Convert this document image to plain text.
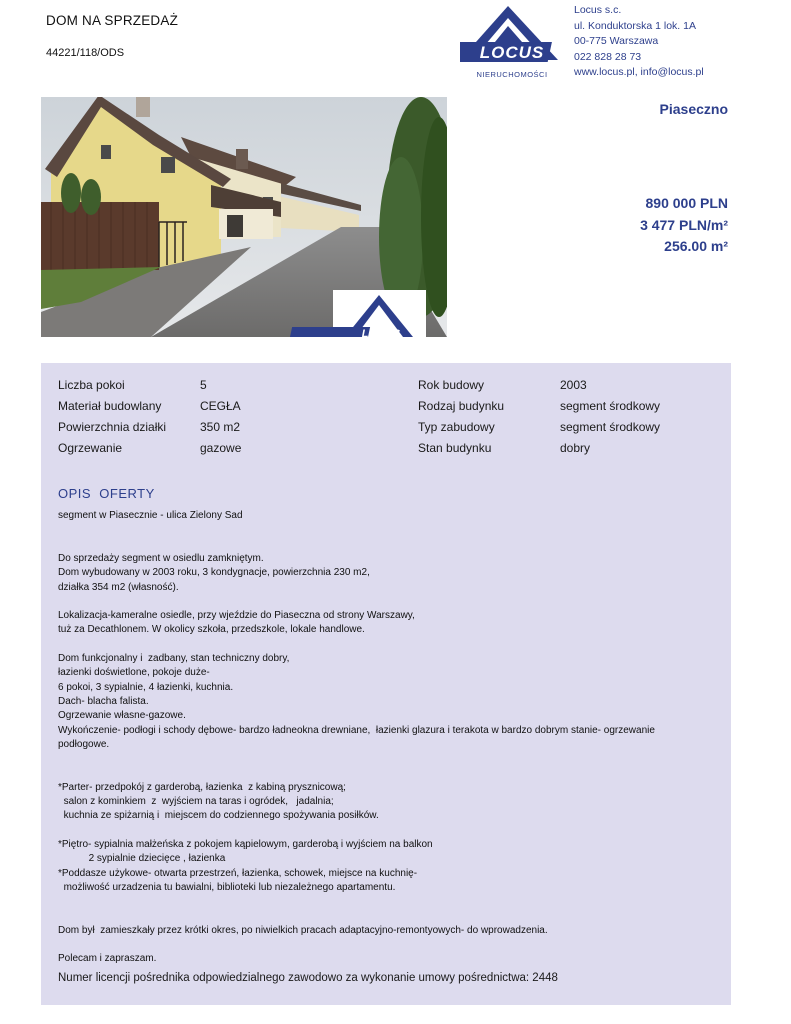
DOM NA SPRZEDAŻ
44221/118/ODS	LOCUS
NIERUCHOMOŚCI
Locus s.c.
ul. Konduktorska 1 lok. 1A
00-775 Warszawa
022 828 28 73
www.locus.pl, info@locus.pl
Piaseczno
890 000 PLN
3 477 PLN/m²
256.00 m²
LOCUS
Liczba pokoi	5	Rok budowy	2003
Materiał budowlany	CEGŁA	Rodzaj budynku	segment środkowy
Powierzchnia działki	350 m2	Typ zabudowy	segment środkowy
Ogrzewanie	gazowe	Stan budynku	dobry
OPIS  OFERTY
segment w Piasecznie - ulica Zielony Sad
Do sprzedaży segment w osiedlu zamkniętym.
Dom wybudowany w 2003 roku, 3 kondygnacje, powierzchnia 230 m2,
działka 354 m2 (własność).
Lokalizacja-kameralne osiedle, przy wjeździe do Piaseczna od strony Warszawy,
tuż za Decathlonem. W okolicy szkoła, przedszkole, lokale handlowe.
Dom funkcjonalny i  zadbany, stan techniczny dobry,
łazienki doświetlone, pokoje duże-
6 pokoi, 3 sypialnie, 4 łazienki, kuchnia.
Dach- blacha falista.
Ogrzewanie własne-gazowe.
Wykończenie- podłogi i schody dębowe- bardzo ładneokna drewniane,  łazienki glazura i terakota w bardzo dobrym stanie- ogrzewanie
podłogowe.
*Parter- przedpokój z garderobą, łazienka  z kabiną prysznicową;
salon z kominkiem  z  wyjściem na taras i ogródek,   jadalnia;
kuchnia ze spiżarnią i  miejscem do codziennego spożywania posiłków.
*Piętro- sypialnia małżeńska z pokojem kąpielowym, garderobą i wyjściem na balkon
2 sypialnie dziecięce , łazienka
*Poddasze użykowe- otwarta przestrzeń, łazienka, schowek, miejsce na kuchnię-
możliwość urzadzenia tu bawialni, biblioteki lub niezależnego apartamentu.
Dom był  zamieszkały przez krótki okres, po niwielkich pracach adaptacyjno-remontyowych- do wprowadzenia.
Polecam i zapraszam.
Numer licencji pośrednika odpowiedzialnego zawodowo za wykonanie umowy pośrednictwa: 2448
